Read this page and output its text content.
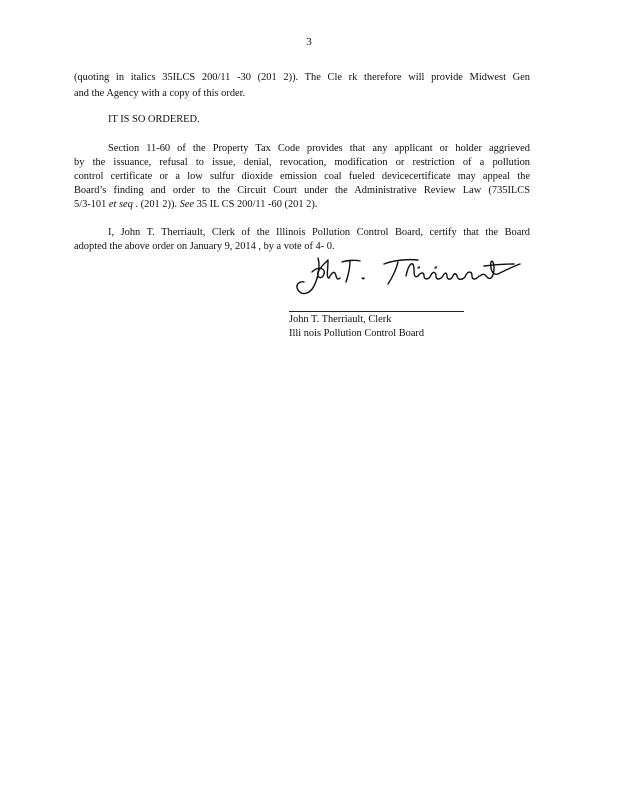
3
(quoting in italics 35ILCS 200/11 -30 (201 2)). The Cle rk therefore will provide Midwest Gen
and the Agency with a copy of this order.
IT IS SO ORDERED.
Section 11-60 of the Property Tax Code provides that any applicant or holder aggrieved
by the issuance, refusal to issue, denial, revocation, modification or restriction of a pollution
control certificate or a low sulfur dioxide emission coal fueled devicecertificate may appeal the
Board’s finding and order to the Circuit Court under the Administrative Review Law (735ILCS
5/3-101 et seq . (201 2)). See 35 IL CS 200/11 -60 (201 2).
I, John T. Therriault, Clerk of the Illinois Pollution Control Board, certify that the Board
adopted the above order on January 9, 2014 , by a vote of 4- 0.
John T. Therriault, Clerk
Illi nois Pollution Control Board
